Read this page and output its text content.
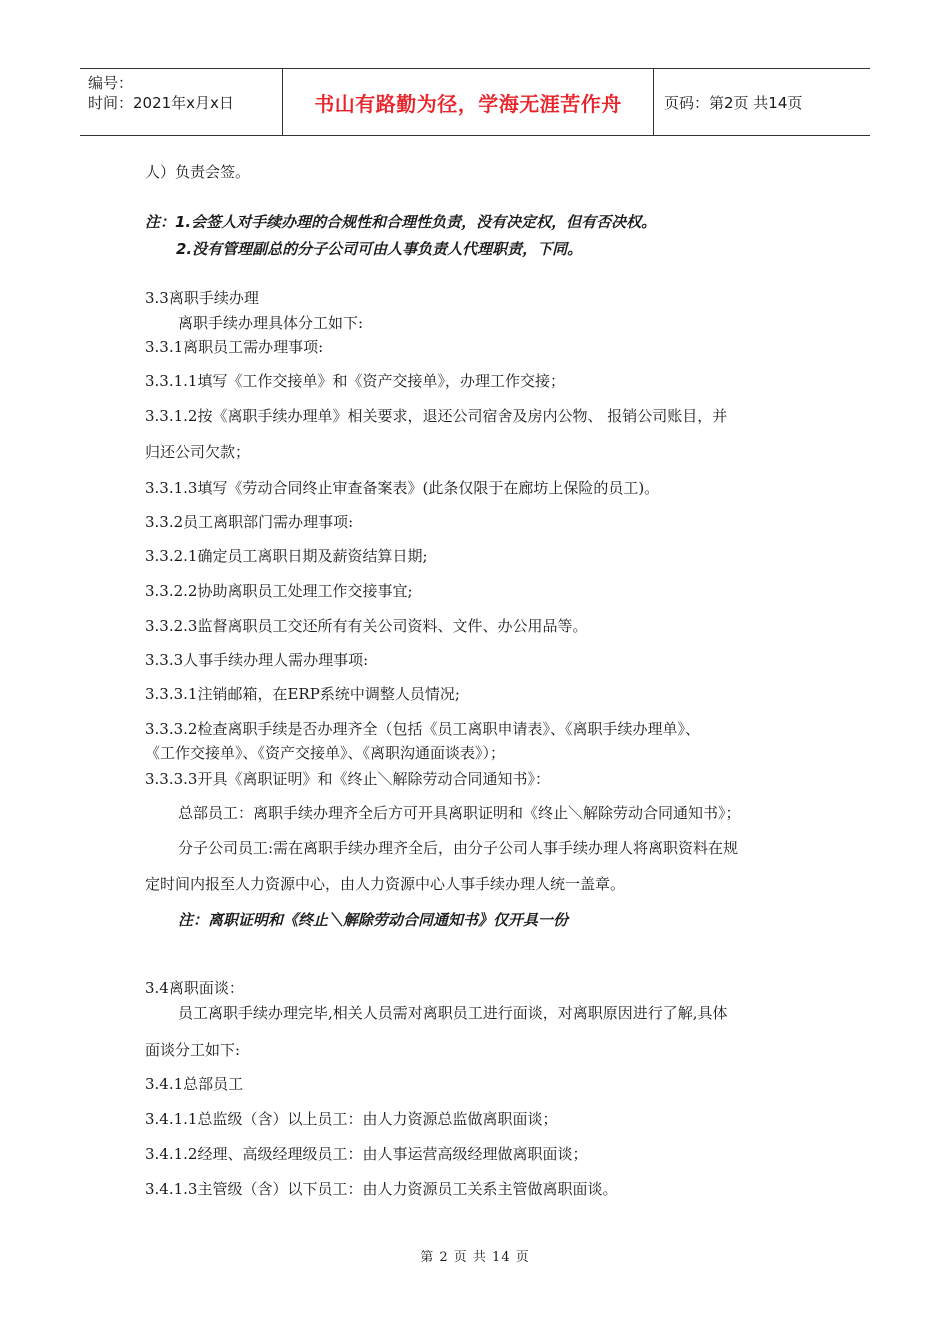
编号：
时间：2021年x月x日	书山有路勤为径，学海无涯苦作舟	页码：第2页 共14页
人）负责会签。
注：1.会签人对手续办理的合规性和合理性负责，没有决定权，但有否决权。
2.没有管理副总的分子公司可由人事负责人代理职责，下同。
3.3离职手续办理
离职手续办理具体分工如下:
3.3.1离职员工需办理事项:
3.3.1.1填写《工作交接单》和《资产交接单》，办理工作交接；
3.3.1.2按《离职手续办理单》相关要求，退还公司宿舍及房内公物、 报销公司账目，并
归还公司欠款；
3.3.1.3填写《劳动合同终止审查备案表》(此条仅限于在廊坊上保险的员工)。
3.3.2员工离职部门需办理事项:
3.3.2.1确定员工离职日期及薪资结算日期;
3.3.2.2协助离职员工处理工作交接事宜;
3.3.2.3监督离职员工交还所有有关公司资料、文件、办公用品等。
3.3.3人事手续办理人需办理事项:
3.3.3.1注销邮箱，在ERP系统中调整人员情况;
3.3.3.2检查离职手续是否办理齐全（包括《员工离职申请表》、《离职手续办理单》、
《工作交接单》、《资产交接单》、《离职沟通面谈表》）；
3.3.3.3开具《离职证明》和《终止＼解除劳动合同通知书》：
总部员工：离职手续办理齐全后方可开具离职证明和《终止＼解除劳动合同通知书》；
分子公司员工:需在离职手续办理齐全后，由分子公司人事手续办理人将离职资料在规
定时间内报至人力资源中心，由人力资源中心人事手续办理人统一盖章。
注：离职证明和《终止＼解除劳动合同通知书》仅开具一份
3.4离职面谈：
员工离职手续办理完毕,相关人员需对离职员工进行面谈，对离职原因进行了解,具体
面谈分工如下:
3.4.1总部员工
3.4.1.1总监级（含）以上员工：由人力资源总监做离职面谈；
3.4.1.2经理、高级经理级员工：由人事运营高级经理做离职面谈；
3.4.1.3主管级（含）以下员工：由人力资源员工关系主管做离职面谈。
第 2 页 共 14 页
